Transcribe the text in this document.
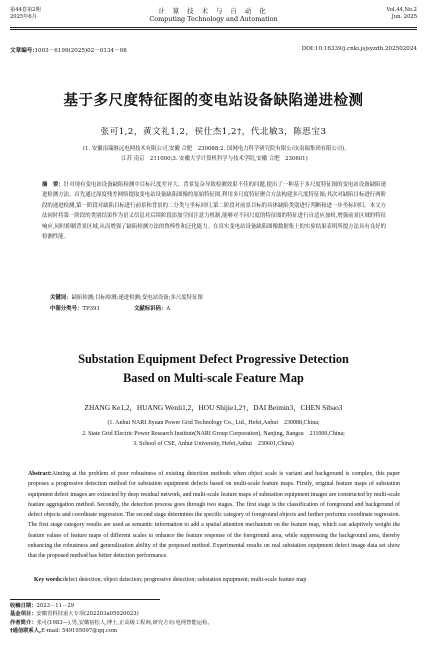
第44卷第2期
2025年6月
计 算 技 术 与 自 动 化
Computing Technology and Automation
Vol.44,No.2
Jun. 2025
文章编号:1003－6199(2025)02－0134－08	DOI:10.16339/j.cnki.jsjsyzdh.202502024
基于多尺度特征图的变电站设备缺陷递进检测
张可1,2，黄文礼1,2，侯仕杰1,2†，代北敏3，陈思宝3
(1. 安徽南瑞继远电网技术有限公司,安徽 合肥　230088;2. 国网电力科学研究院有限公司(南瑞集团有限公司),
江苏 南京　211000;3. 安徽大学计算机科学与技术学院,安徽 合肥　230601)
摘　要：针对现有变电站设备缺陷检测中目标尺度差异大、背景复杂导致检测效果不佳的问题,提出了一种基于多尺度特征图的变电站设备缺陷递进检测方法。首先通过深度残差网络提取变电站设备缺陷图像的原始特征图,利用多尺度特征聚合方法构建多尺度特征图;其次对缺陷目标进行两阶段的递进检测,第一阶段对缺陷目标进行前景和背景的二分类与坐标回归,第二阶段对前景目标的具体缺陷类别进行判断和进一步坐标回归。本文方法同时将第一阶段的类别结果作为语义信息对后续阶段添加空间注意力机制,能够对不同尺度的特征图的特征进行自适应加权,增强前景区域的特征响应,同时抑制背景区域,从而增强了缺陷检测方法的鲁棒性和泛化能力。在真实变电站设备缺陷图像数据集上的实验结果表明所提方法具有良好的检测性能。
关键词：缺陷检测;目标检测;递进检测;变电站设备;多尺度特征图
中图分类号：TP391	文献标识码：A
Substation Equipment Defect Progressive Detection
Based on Multi-scale Feature Map
ZHANG Ke1,2，HUANG Wenli1,2，HOU Shijie1,2†，DAI Beimin3，CHEN Sibao3
(1. Anhui NARI Jiyuan Power Grid Technology Co., Ltd., Hefei,Anhui　230088,China;
2. State Grid Electric Power Research Institute(NARI Group Corporation), Nanjing, Jiangsu　211000,China;
3. School of CSE, Anhui University, Hefei,Anhui　230601,China)
Abstract:Aiming at the problem of poor robustness of existing detection methods when object scale is variant and background is complex, this paper proposes a progressive detection method for substation equipment defects based on multi-scale feature maps. Firstly, original feature maps of substation equipment defect images are extracted by deep residual network, and multi-scale feature maps of substation equipment images are constructed by multi-scale feature aggregation method. Secondly, the detection process goes through two stages. The first stage is the classification of foreground and background of defect objects and coordinate regression. The second stage determines the specific category of foreground objects and further performs coordinate regression. The first stage category results are used as semantic information to add a spatial attention mechanism on the feature map, which can adaptively weight the feature values of feature maps of different scales to enhance the feature response of the foreground area, while suppressing the background area, thereby enhancing the robustness and generalization ability of the proposed method. Experimental results on real substation equipment defect image data set show that the proposed method has better detection performance.
Key words:defect detection; object detection; progressive detection; substation equipment; multi-scale feature map
收稿日期：2023－11－29
基金项目：安徽省科技重大专项(202203a05020023)
作者简介：张可(1983—),男,安徽宿松人,博士,正高级工程师,研究方向:电网智能运检。
†通信联系人,E-mail: 549195097@qq.com
